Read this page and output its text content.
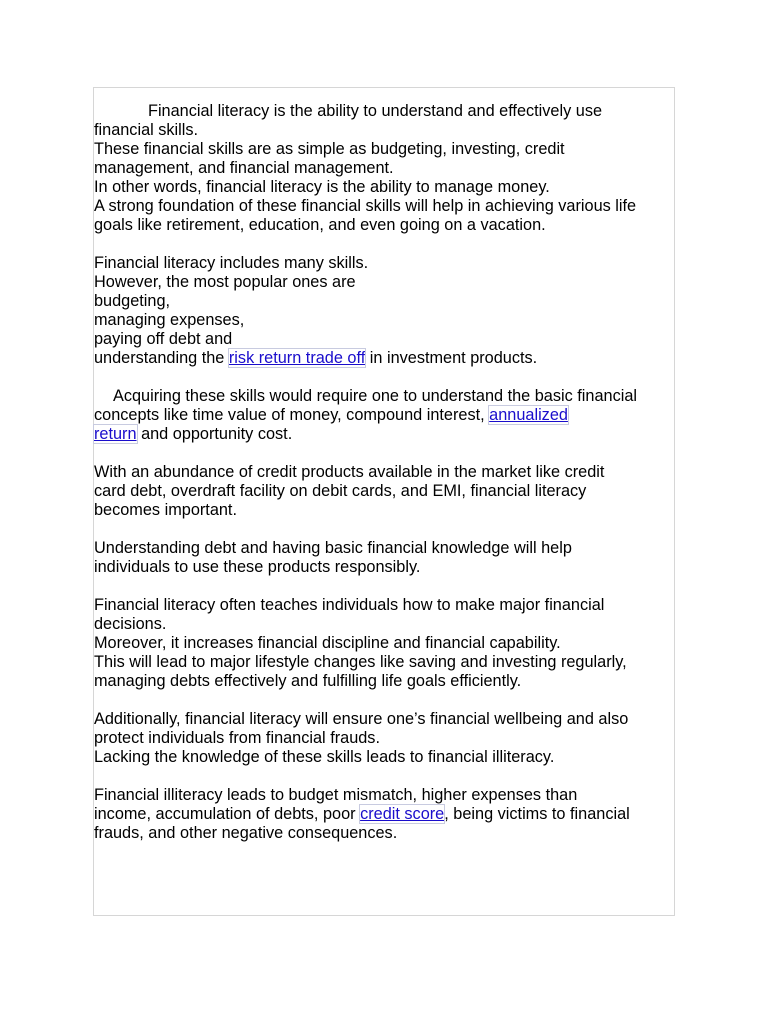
Financial literacy is the ability to understand and effectively use

financial skills.

These financial skills are as simple as budgeting, investing, credit

management, and financial management.

In other words, financial literacy is the ability to manage money.

A strong foundation of these financial skills will help in achieving various life

goals like retirement, education, and even going on a vacation.

Financial literacy includes many skills.

However, the most popular ones are

budgeting,

managing expenses,

paying off debt and

understanding the risk return trade off in investment products.

Acquiring these skills would require one to understand the basic financial

concepts like time value of money, compound interest, annualized

return and opportunity cost.

With an abundance of credit products available in the market like credit

card debt, overdraft facility on debit cards, and EMI, financial literacy

becomes important.

Understanding debt and having basic financial knowledge will help

individuals to use these products responsibly.

Financial literacy often teaches individuals how to make major financial

decisions.

Moreover, it increases financial discipline and financial capability.

This will lead to major lifestyle changes like saving and investing regularly,

managing debts effectively and fulfilling life goals efficiently.

Additionally, financial literacy will ensure one’s financial wellbeing and also

protect individuals from financial frauds.

Lacking the knowledge of these skills leads to financial illiteracy.

Financial illiteracy leads to budget mismatch, higher expenses than

income, accumulation of debts, poor credit score, being victims to financial

frauds, and other negative consequences.
